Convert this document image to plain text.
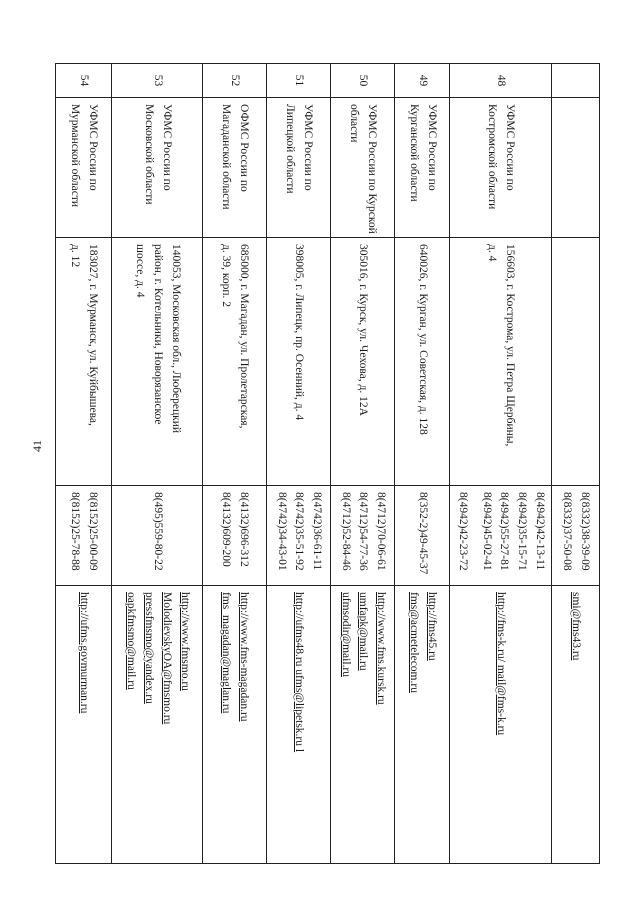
41

			8(8332)38-39-09
8(8332)37-50-08	smi@fms43.ru

48	УФМС России по
Костромской области	156603, г. Кострома, ул. Петра Щербины,
д. 4	8(4942)42-13-11
8(4942)35-15-71
8(4942)55-27-81
8(4942)45-02-41
8(4942)42-23-72	http://fms-k.ru/ mail@fms-k.ru

49	УФМС России по
Курганской области	640026, г. Курган, ул. Советская, д. 128	8(352-2)49-45-37	http://fms45.ru
fms@acmetelecom.ru

50	УФМС России по Курской
области	305016, г. Курск, ул. Чехова, д. 12А	8(4712)70-06-61
8(4712)54-77-36
8(4712)52-84-46	http://www.fms.kursk.ru
umfapk@mail.ru
ufmsodir@mail.ru

51	УФМС России по
Липецкой области	398005, г. Липецк, пр. Осенний, д. 4	8(4742)36-61-11
8(4742)35-51-92
8(4742)34-43-01	http://ufms48.ru ufms@lipetsk.ru l

52	ОФМС России по
Магаданской области	685000, г. Магадан, ул. Пролетарская,
д. 39, корп. 2	8(4132)696-312
8(4132)609-200	http://www.fms-magadan.ru
fms_magadan@maglan.ru

53	УФМС России по
Московской области	140053, Московская обл., Люберецкий
район, г. Котельники, Новорязанское
шоссе, д. 4	8(495)559-80-22	http://www.fmsmo.ru
MolodievskyOA@fmsmo.ru
pressfmsmo@yandex.ru
oapkfmsmo@mail.ru

54	УФМС России по
Мурманской области	183027, г. Мурманск, ул. Куйбышева,
д. 12	8(8152)25-00-09
8(8152)25-78-88	http://ufms.govmurman.ru
